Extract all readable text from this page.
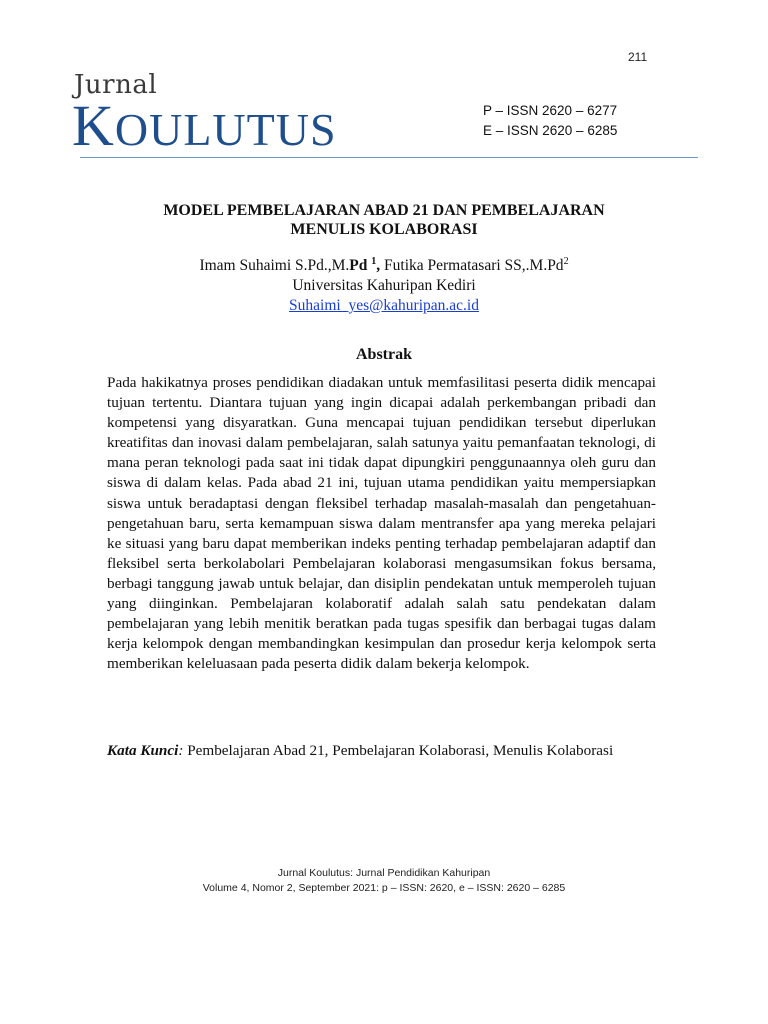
211
Jurnal
KOULUTUS	P – ISSN 2620 – 6277
E – ISSN 2620 – 6285
MODEL PEMBELAJARAN ABAD 21 DAN PEMBELAJARAN
MENULIS KOLABORASI
Imam Suhaimi S.Pd.,M.Pd $^1$, Futika Permatasari SS,.M.Pd$^2$
Universitas Kahuripan Kediri
Suhaimi_yes@kahuripan.ac.id
Abstrak
Pada hakikatnya proses pendidikan diadakan untuk memfasilitasi peserta didik mencapai tujuan tertentu. Diantara tujuan yang ingin dicapai adalah perkembangan pribadi dan kompetensi yang disyaratkan. Guna mencapai tujuan pendidikan tersebut diperlukan kreatifitas dan inovasi dalam pembelajaran, salah satunya yaitu pemanfaatan teknologi, di mana peran teknologi pada saat ini tidak dapat dipungkiri penggunaannya oleh guru dan siswa di dalam kelas. Pada abad 21 ini, tujuan utama pendidikan yaitu mempersiapkan siswa untuk beradaptasi dengan fleksibel terhadap masalah-masalah dan pengetahuan-pengetahuan baru, serta kemampuan siswa dalam mentransfer apa yang mereka pelajari ke situasi yang baru dapat memberikan indeks penting terhadap pembelajaran adaptif dan fleksibel serta berkolabolari Pembelajaran kolaborasi mengasumsikan fokus bersama, berbagi tanggung jawab untuk belajar, dan disiplin pendekatan untuk memperoleh tujuan yang diinginkan. Pembelajaran kolaboratif adalah salah satu pendekatan dalam pembelajaran yang lebih menitik beratkan pada tugas spesifik dan berbagai tugas dalam kerja kelompok dengan membandingkan kesimpulan dan prosedur kerja kelompok serta memberikan keleluasaan pada peserta didik dalam bekerja kelompok.
Kata Kunci: Pembelajaran Abad 21, Pembelajaran Kolaborasi, Menulis Kolaborasi
Jurnal Koulutus: Jurnal Pendidikan Kahuripan
Volume 4, Nomor 2, September 2021: p – ISSN: 2620, e – ISSN: 2620 – 6285
